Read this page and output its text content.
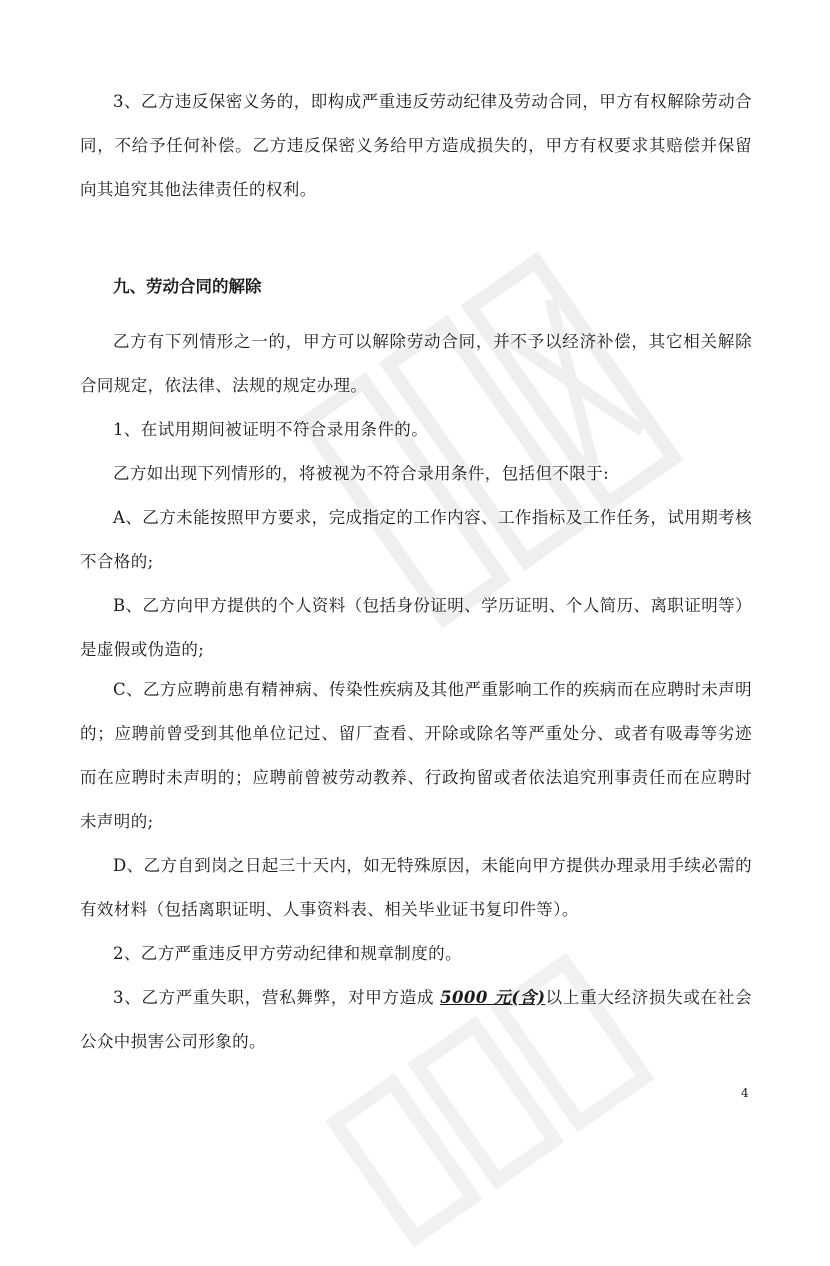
3、乙方违反保密义务的，即构成严重违反劳动纪律及劳动合同，甲方有权解除劳动合同，不给予任何补偿。乙方违反保密义务给甲方造成损失的，甲方有权要求其赔偿并保留向其追究其他法律责任的权利。

九、劳动合同的解除

乙方有下列情形之一的，甲方可以解除劳动合同，并不予以经济补偿，其它相关解除合同规定，依法律、法规的规定办理。

1、在试用期间被证明不符合录用条件的。

乙方如出现下列情形的，将被视为不符合录用条件，包括但不限于:

A、乙方未能按照甲方要求，完成指定的工作内容、工作指标及工作任务，试用期考核不合格的;

B、乙方向甲方提供的个人资料（包括身份证明、学历证明、个人简历、离职证明等）是虚假或伪造的;

C、乙方应聘前患有精神病、传染性疾病及其他严重影响工作的疾病而在应聘时未声明的；应聘前曾受到其他单位记过、留厂查看、开除或除名等严重处分、或者有吸毒等劣迹而在应聘时未声明的；应聘前曾被劳动教养、行政拘留或者依法追究刑事责任而在应聘时未声明的;

D、乙方自到岗之日起三十天内，如无特殊原因，未能向甲方提供办理录用手续必需的有效材料（包括离职证明、人事资料表、相关毕业证书复印件等）。

2、乙方严重违反甲方劳动纪律和规章制度的。

3、乙方严重失职，营私舞弊，对甲方造成 5000 元(含)以上重大经济损失或在社会公众中损害公司形象的。

4
